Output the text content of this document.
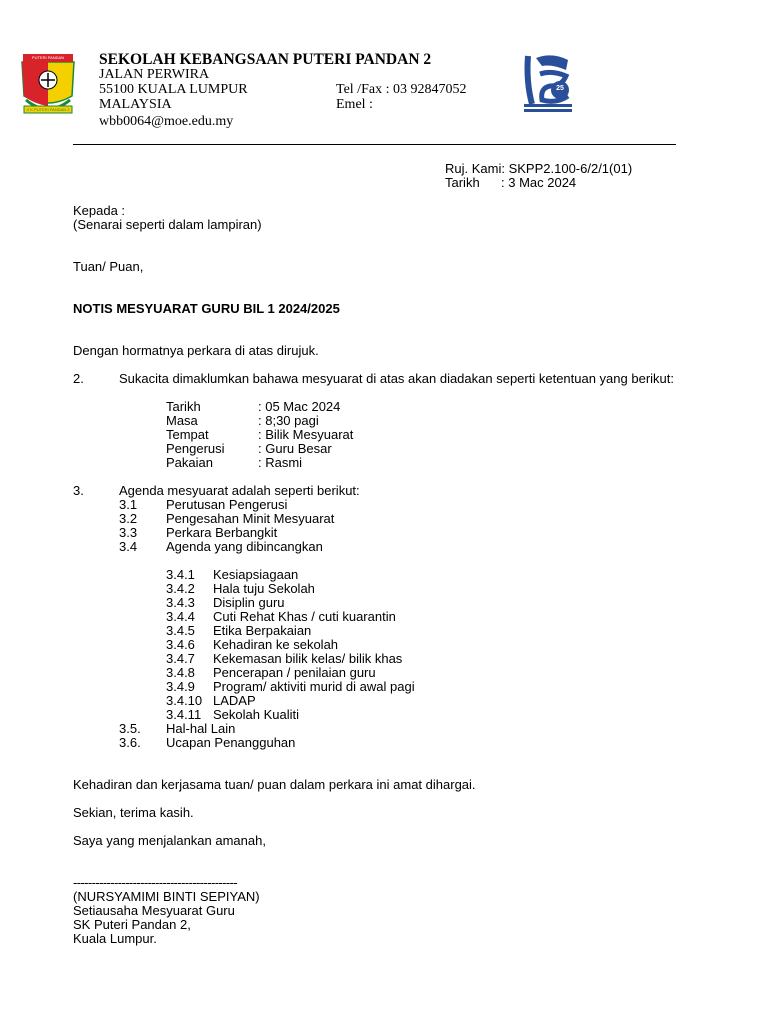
PUTERI PANDAN
S K PUTERI PANDAN 2
SEKOLAH KEBANGSAAN PUTERI PANDAN 2
JALAN PERWIRA
55100 KUALA LUMPUR
MALAYSIA
wbb0064@moe.edu.my
Tel /Fax : 03 92847052
Emel :
25
Ruj. Kami: SKPP2.100-6/2/1(01)
Tarikh : 3 Mac 2024
Kepada :
(Senarai seperti dalam lampiran)
Tuan/ Puan,
NOTIS MESYUARAT GURU BIL 1 2024/2025
Dengan hormatnya perkara di atas dirujuk.
2.	Sukacita dimaklumkan bahawa mesyuarat di atas akan diadakan seperti ketentuan yang berikut:
Tarikh	: 05 Mac 2024
Masa	: 8;30 pagi
Tempat	: Bilik Mesyuarat
Pengerusi	: Guru Besar
Pakaian	: Rasmi
3.	Agenda mesyuarat adalah seperti berikut:
3.1 Perutusan Pengerusi
3.2 Pengesahan Minit Mesyuarat
3.3 Perkara Berbangkit
3.4 Agenda yang dibincangkan
3.4.1 Kesiapsiagaan
3.4.2 Hala tuju Sekolah
3.4.3 Disiplin guru
3.4.4 Cuti Rehat Khas / cuti kuarantin
3.4.5 Etika Berpakaian
3.4.6 Kehadiran ke sekolah
3.4.7 Kekemasan bilik kelas/ bilik khas
3.4.8 Pencerapan / penilaian guru
3.4.9 Program/ aktiviti murid di awal pagi
3.4.10 LADAP
3.4.11 Sekolah Kualiti
3.5. Hal-hal Lain
3.6. Ucapan Penangguhan
Kehadiran dan kerjasama tuan/ puan dalam perkara ini amat dihargai.
Sekian, terima kasih.
Saya yang menjalankan amanah,
--------------------------------------------
(NURSYAMIMI BINTI SEPIYAN)
Setiausaha Mesyuarat Guru
SK Puteri Pandan 2,
Kuala Lumpur.
